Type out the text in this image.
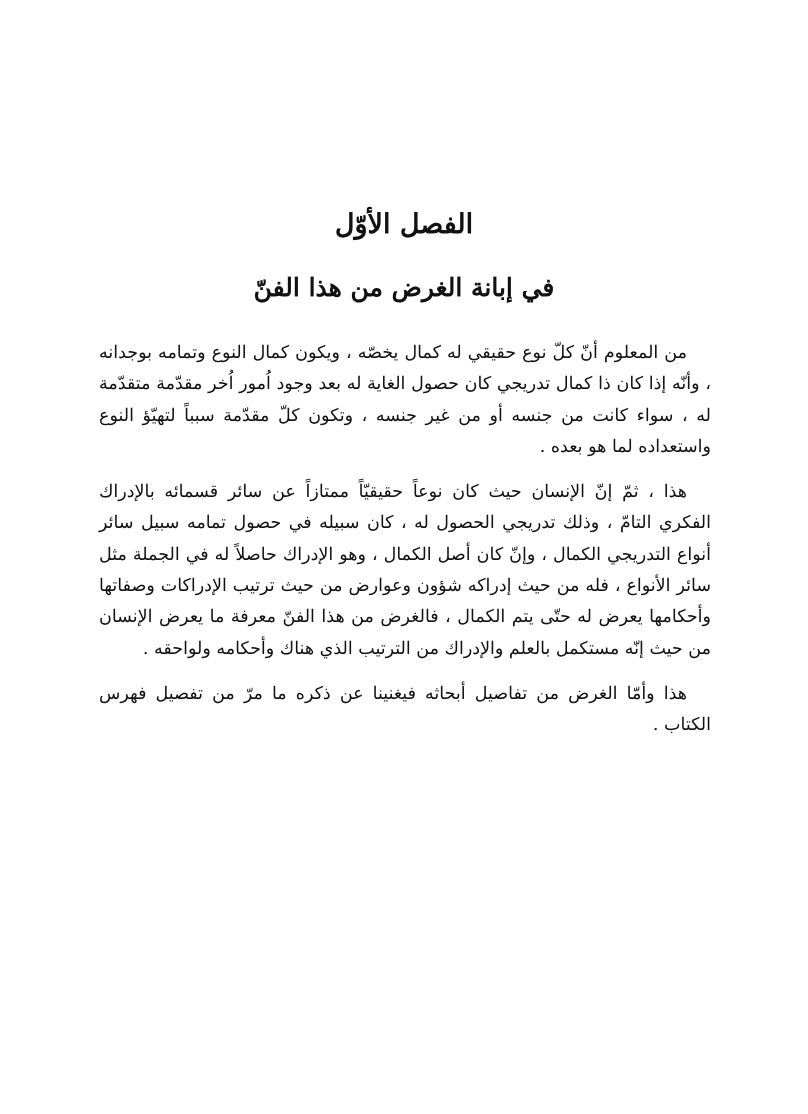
الفصل الأوّل
في إبانة الغرض من هذا الفنّ

من المعلوم أنّ كلّ نوع حقيقي له كمال يخصّه ، ويكون كمال النوع وتمامه بوجدانه ، وأنّه إذا كان ذا كمال تدريجي كان حصول الغاية له بعد وجود اُمور اُخر مقدّمة متقدّمة له ، سواء كانت من جنسه أو من غير جنسه ، وتكون كلّ مقدّمة سبباً لتهيّؤ النوع واستعداده لما هو بعده .

هذا ، ثمّ إنّ الإنسان حيث كان نوعاً حقيقيّاً ممتازاً عن سائر قسمائه بالإدراك الفكري التامّ ، وذلك تدريجي الحصول له ، كان سبيله في حصول تمامه سبيل سائر أنواع التدريجي الكمال ، وإنّ كان أصل الكمال ، وهو الإدراك حاصلاً له في الجملة مثل سائر الأنواع ، فله من حيث إدراكه شؤون وعوارض من حيث ترتيب الإدراكات وصفاتها وأحكامها يعرض له حتّى يتم الكمال ، فالغرض من هذا الفنّ معرفة ما يعرض الإنسان من حيث إنّه مستكمل بالعلم والإدراك من الترتيب الذي هناك وأحكامه ولواحقه .

هذا وأمّا الغرض من تفاصيل أبحاثه فيغنينا عن ذكره ما مرّ من تفصيل فهرس الكتاب .
